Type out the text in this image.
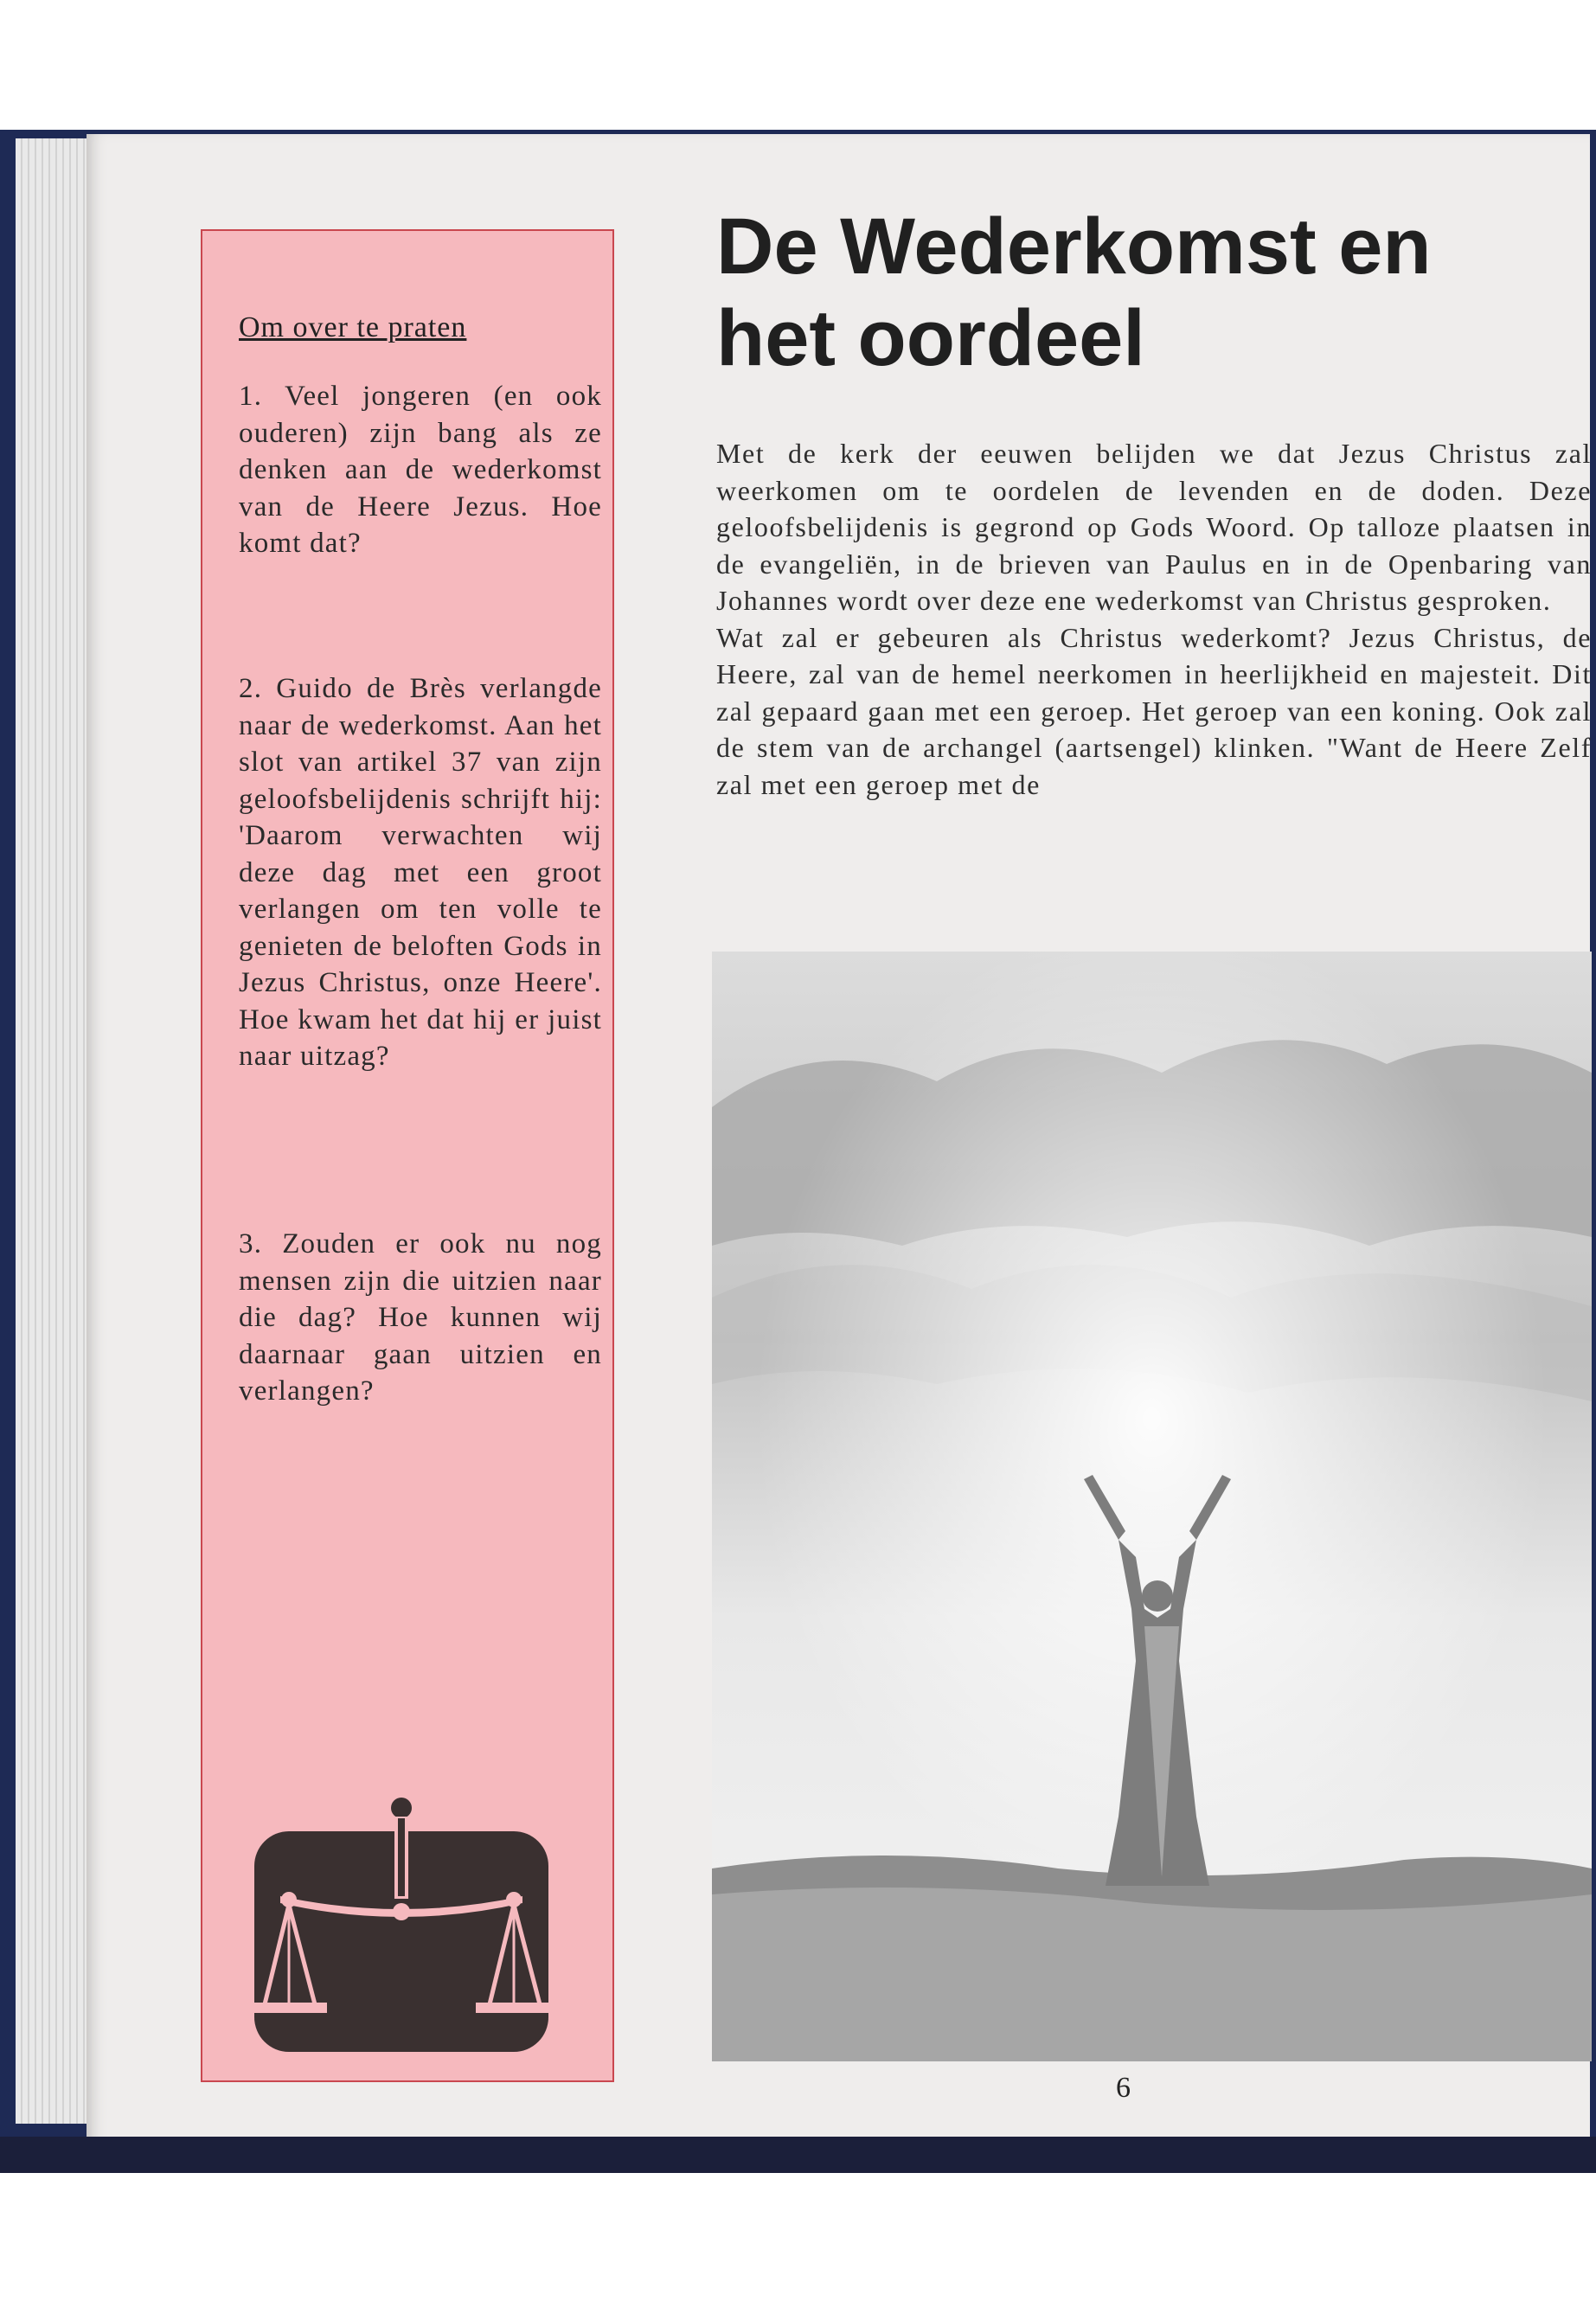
Om over te praten

1. Veel jongeren (en ook ouderen) zijn bang als ze denken aan de wederkomst van de Heere Jezus. Hoe komt dat?

2. Guido de Brès verlangde naar de wederkomst. Aan het slot van artikel 37 van zijn geloofsbelijdenis schrijft hij: 'Daarom verwachten wij deze dag met een groot verlangen om ten volle te genieten de beloften Gods in Jezus Christus, onze Heere'. Hoe kwam het dat hij er juist naar uitzag?

3. Zouden er ook nu nog mensen zijn die uitzien naar die dag? Hoe kunnen wij daarnaar gaan uitzien en verlangen?

De Wederkomst en
het oordeel

Met de kerk der eeuwen belijden we dat Jezus Christus zal weerkomen om te oordelen de levenden en de doden. Deze geloofsbelijdenis is gegrond op Gods Woord. Op talloze plaatsen in de evangeliën, in de brieven van Paulus en in de Openbaring van Johannes wordt over deze ene wederkomst van Christus gesproken.

Wat zal er gebeuren als Christus wederkomt? Jezus Christus, de Heere, zal van de hemel neerkomen in heerlijkheid en majesteit. Dit zal gepaard gaan met een geroep. Het geroep van een koning. Ook zal de stem van de archangel (aartsengel) klinken. "Want de Heere Zelf zal met een geroep met de

6
